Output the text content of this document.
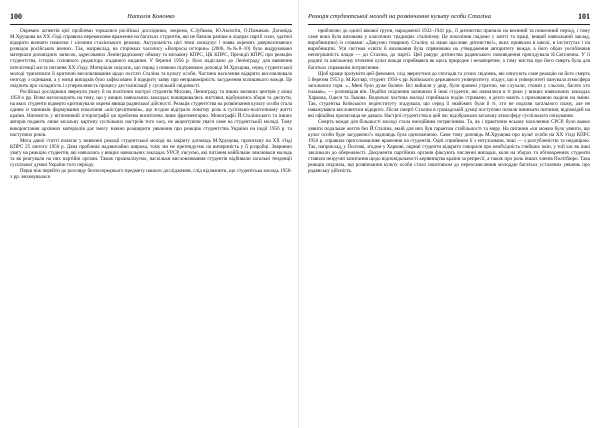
100	Наталія Кононко

Окремих аспектів цієї проблеми торкалися російські дослідники, зокрема, Є.Зубкова, Ю.Аксютін, О.Пижиков. Доповідь М.Хрущова на XX з'їзді справила переконливе враження на багатьох студентів, які не бачили раніше в лідерах партії сили, здатної відкрито визнати помилки і злочини сталінського режиму. Актуальність цієї теми засвідчує і поява окремих джерелознавчих розвідок російських вчених. Так, наприклад, на сторінках часопису «Вопросы истории» (2006, №№8–10) було видруковано матеріали доповідних записок, адресованих Ленінградському обкому та міському КПРС, ЦК КПРС, Президії КПРС про реакцію студентства, історія, головного редактора згаданого видання. У березні 1956 р. було надіслано до Ленінграду для вивчення інтелігенції міста питання ХХ з'їзду. Матеріали свідчать, що поряд з повною підтримкою доповіді М.Хрущова, серед студентської молоді траплялися й критичні висловлювання щодо постаті Сталіна та культу особи. Частина населення відкрито висловлювала незгоду з оцінками, а у низці випадків було зафіксовано й відкриту заяву про неправомірність засудження колишнього вождя. Це свідчить про складність і суперечливість процесу десталінізації у суспільній свідомості.

Російські дослідники звернули увагу й на політичні настрої студентів Москви, Ленінграду та інших великих центрів у кінці 1950-х рр. Вони наголошують на тому, що у вищих навчальних закладах поширювались листівки, відбувались збори та диспути, на яких студенти відверто критикували окремі явища радянської дійсності. Реакція студентства на розвінчання культу особи стала одним із чинників формування покоління «шістдесятників», що згодом відіграло помітну роль в суспільно-політичному житті країни. Натомість у вітчизняній історіографії ця проблема висвітлена лише фрагментарно. Монографії Й.Сталінського та інших авторів подають лише загальну картину суспільних настроїв того часу, не акцентуючи уваги саме на студентській молоді. Тому використання архівних матеріалів дає змогу значно розширити уявлення про реакцію студентства України на події 1956 р. та наступних років.

Мета даної статті полягає у вивченні реакції студентської молоді на закриту доповідь М.Хрущова, прочитану на XX з'їзді КПРС 25 лютого 1956 р. Дана проблема надзвичайно широка, тому ми не претендуємо на вичерпність у її розробці. Звернемо увагу на реакцію студентів, які навчались у вищих навчальних закладах УРСР, з'ясуємо, які питання найбільше хвилювали молодь та як реагували на них партійні органи. Також проаналізуємо, наскільки висловлювання студентів відбивали загальні тенденції суспільної думки України того періоду.

Перш ніж перейти до розгляду безпосереднього предмету нашого дослідження, слід відзначити, що студентська молодь 1950-х рр. виховувалася

Реакція студентської молоді на розвінчання культу особи Сталіна	101

приблизно до однієї вікової групи, народженої 1932–1941 рр., її дитинство припало на воєнний та повоєнний період, і тому саме вона була вихована у класичних традиціях сталінізму. Це покоління свідомо у житті та праці, вищий навчальний заклад, виробництво) із словами: «Дякуємо товаришу Сталіну за наше щасливе дитинство!», яких привчали в школі, в інститутах і на виробництві. Уся система освіти й виховання була спрямована на утвердження авторитету вождя, а його образ уособлював непогрішність влади — до Сталіна, до партії. Цей ракурс дитинства радянського повсякдення пригадувала Н.Світлична. У її родині та шкільному оточенні культ вождя сприймався як щось природне і незаперечне, а тому звістка про його смерть була для багатьох справжнім потрясінням.

Щоб краще зрозуміти цей феномен, слід звернутися до спогадів та усних свідчень, які описують саме реакцію на його смерть 5 березня 1953 р. М.Котляр, студент 1950-х рр. Київського державного університету, згадує, що в університеті панувала атмосфера загального горя. «...Мені було дуже боляче. Всі вийшли у двір, були зранені утратою, ми слухали, стояли у сльозах, багато хто плакав», — розповідав він. Подібні свідчення залишили й інші студенти, які навчалися в ті роки у вищих навчальних закладах Харкова, Одеси та Львова. Водночас частина молоді сприймала подію стримано, а дехто навіть з прихованою надією на зміни. Так, студентка Київського педінституту згадувала, що серед її знайомих були й ті, хто не поділяв загального плачу, але не наважувався висловитися відкрито. Після смерті Сталіна в громадській думці поступово почали виникати питання, відповідей на які офіційна пропаганда не давала. Настрої студентства в цей час відображали загальну атмосферу суспільного очікування.

Смерть вождя для більшості молоді стала емоційним потрясінням. Та, як і практично всьому населенню СРСР, було важко уявити подальше життя без Й.Сталіна, який для них був гарантом стабільності та миру. На питання «чи можна було уявити, що культ особи буде засуджено?» відповідь була однозначною. Саме тому доповідь М.Хрущова про культ особи на XX з'їзді КПРС 1956 р. справила приголомшливе враження на студентів. Одні сприйняли її з ентузіазмом, інші — з розгубленістю та недовірою. Так, наприклад, у Полтаві, згодом у Харкові, окремі студенти відкрито говорили про необхідність глибших змін, у той час як інші закликали до обережності. Документи партійних органів фіксують численні випадки, коли на зборах та обговореннях студенти ставили незручні запитання щодо відповідальності керівництва країни за репресії, а також про роль інших членів Політбюро. Така реакція свідчила, що розвінчання культу особи стало поштовхом до переосмислення молоддю багатьох усталених уявлень про радянську дійсність.
